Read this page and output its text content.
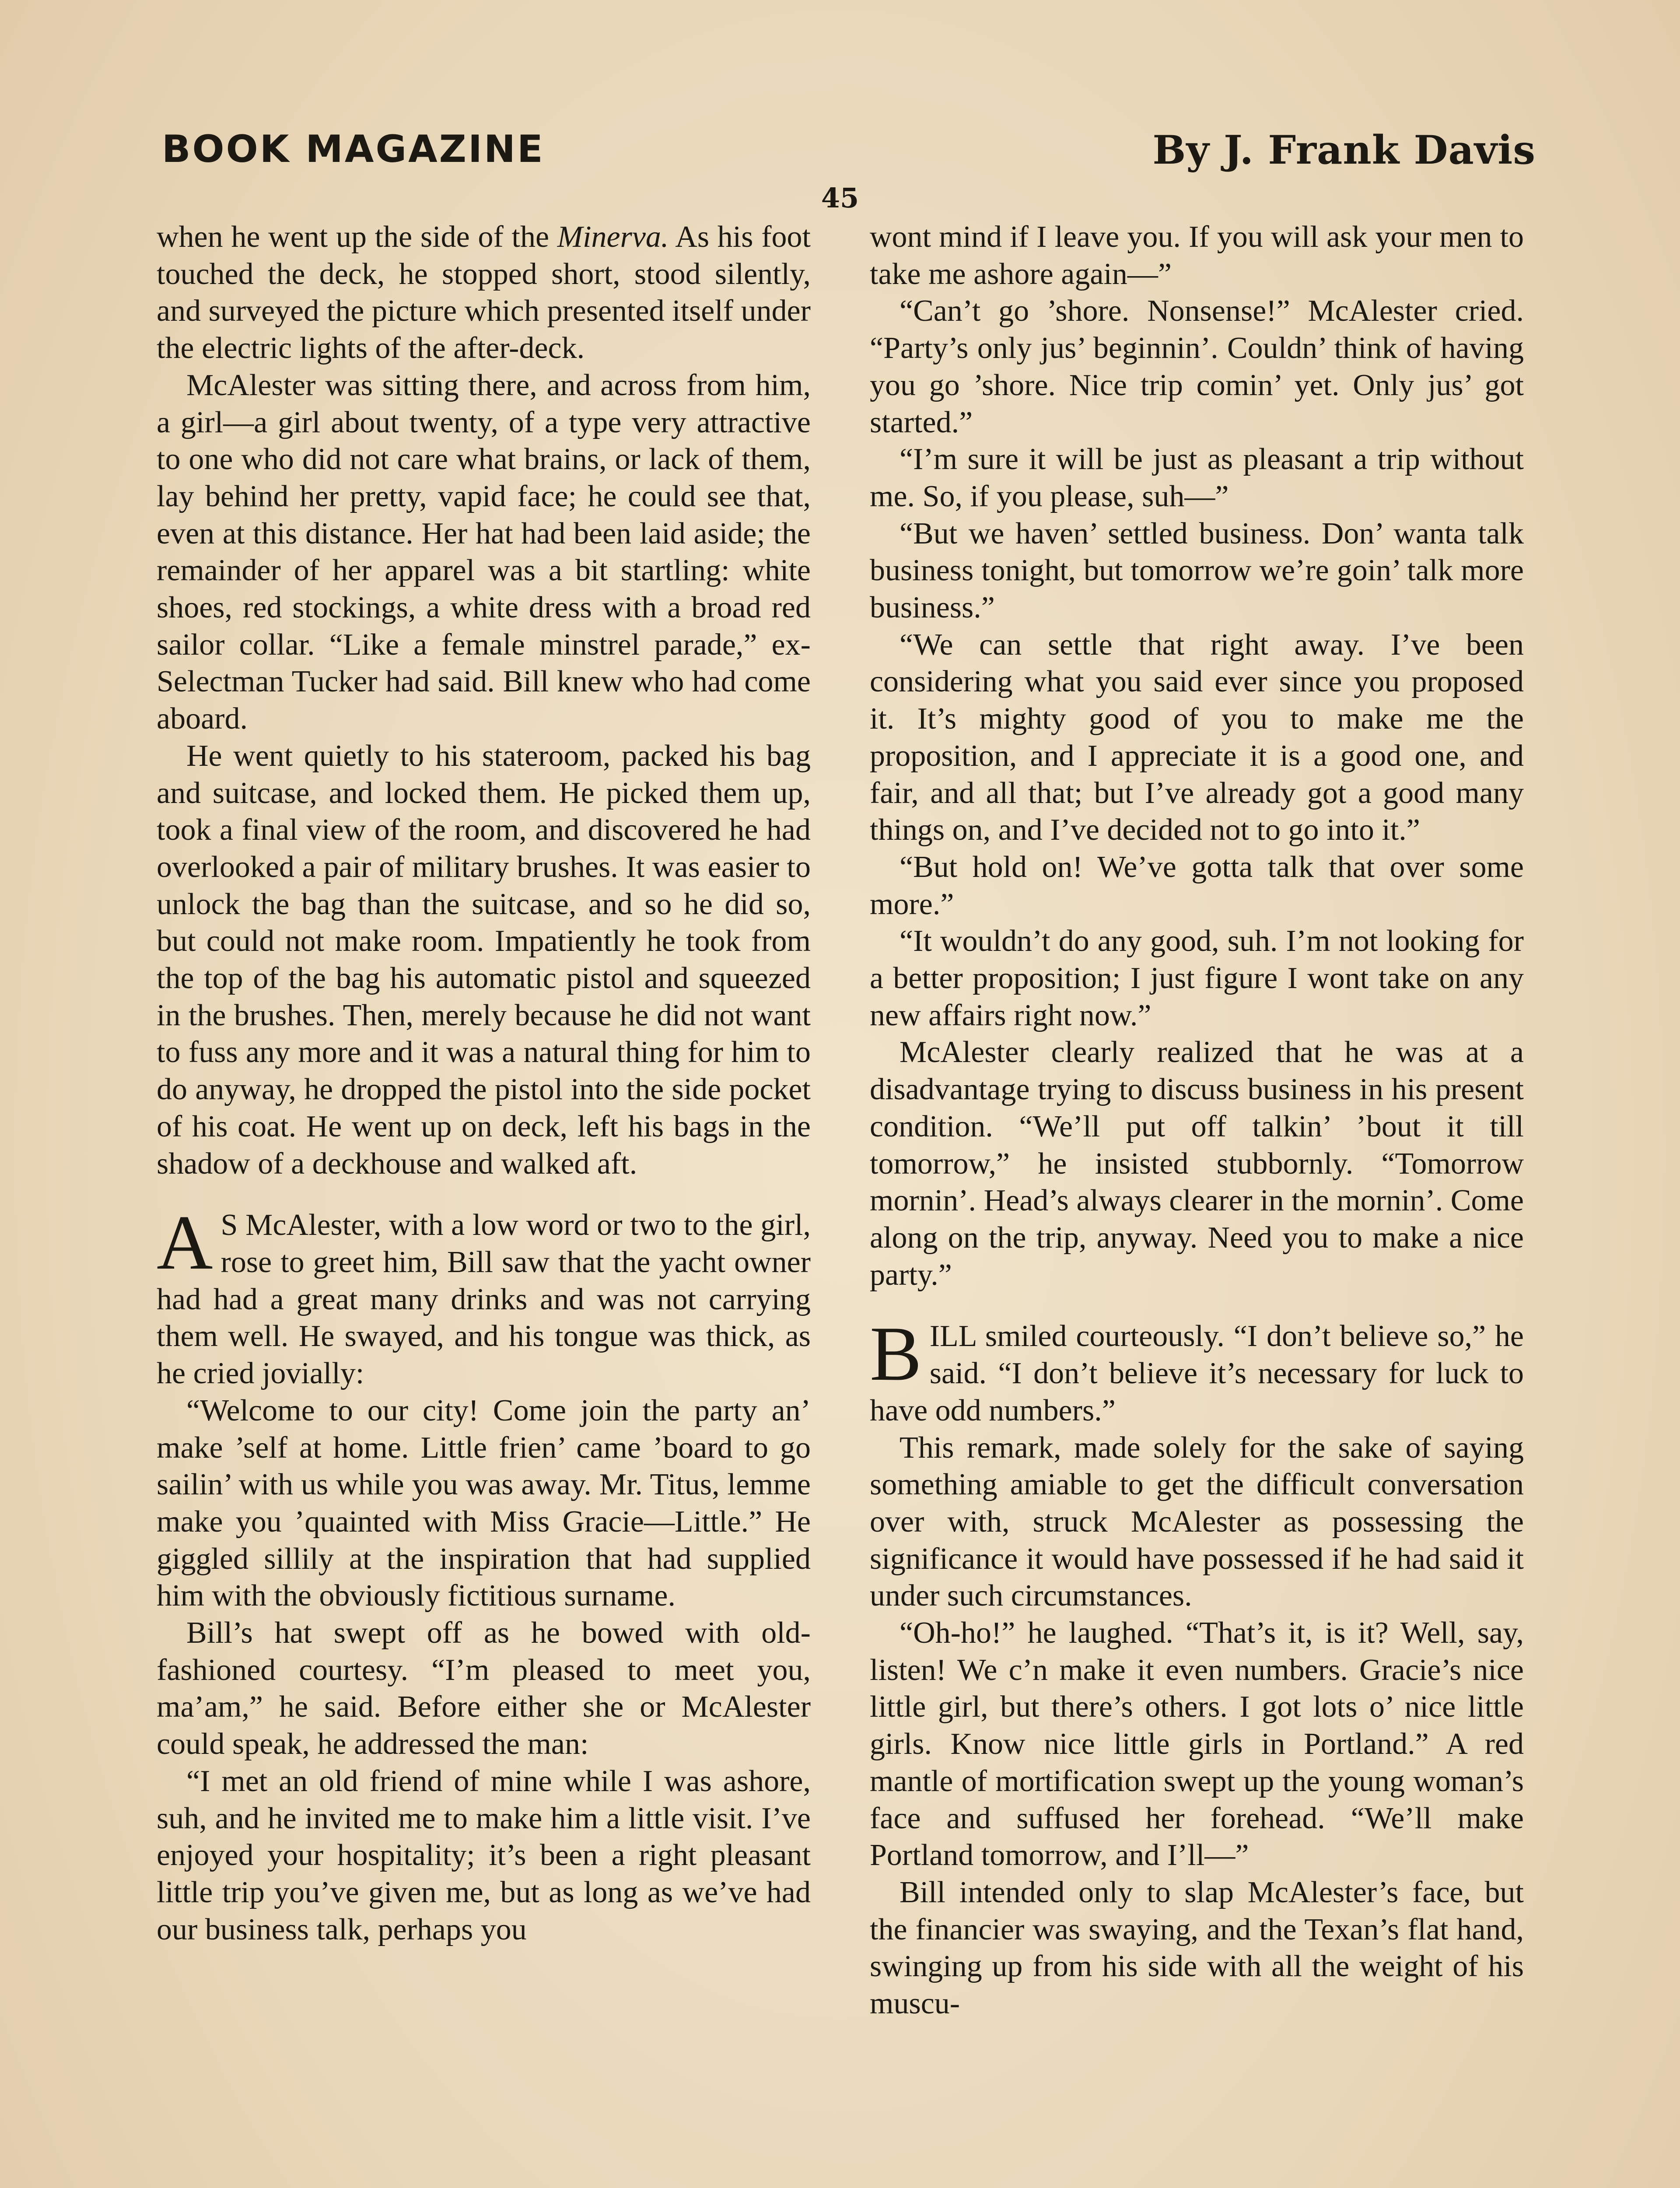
BOOK MAGAZINE	By J. Frank Davis
45

when he went up the side of the Minerva. As his foot touched the deck, he stopped short, stood silently, and surveyed the picture which presented itself under the electric lights of the after-deck.

McAlester was sitting there, and across from him, a girl—a girl about twenty, of a type very attractive to one who did not care what brains, or lack of them, lay behind her pretty, vapid face; he could see that, even at this distance. Her hat had been laid aside; the remainder of her apparel was a bit startling: white shoes, red stockings, a white dress with a broad red sailor collar. “Like a female minstrel parade,” ex-Selectman Tucker had said. Bill knew who had come aboard.

He went quietly to his stateroom, packed his bag and suitcase, and locked them. He picked them up, took a final view of the room, and discovered he had overlooked a pair of military brushes. It was easier to unlock the bag than the suitcase, and so he did so, but could not make room. Impatiently he took from the top of the bag his automatic pistol and squeezed in the brushes. Then, merely because he did not want to fuss any more and it was a natural thing for him to do anyway, he dropped the pistol into the side pocket of his coat. He went up on deck, left his bags in the shadow of a deckhouse and walked aft.

A S McAlester, with a low word or two to the girl, rose to greet him, Bill saw that the yacht owner had had a great many drinks and was not carrying them well. He swayed, and his tongue was thick, as he cried jovially:

“Welcome to our city! Come join the party an’ make ’self at home. Little frien’ came ’board to go sailin’ with us while you was away. Mr. Titus, lemme make you ’quainted with Miss Gracie—Little.” He giggled sillily at the inspiration that had supplied him with the obviously fictitious surname.

Bill’s hat swept off as he bowed with old-fashioned courtesy. “I’m pleased to meet you, ma’am,” he said. Before either she or McAlester could speak, he addressed the man:

“I met an old friend of mine while I was ashore, suh, and he invited me to make him a little visit. I’ve enjoyed your hospitality; it’s been a right pleasant little trip you’ve given me, but as long as we’ve had our business talk, perhaps you

wont mind if I leave you. If you will ask your men to take me ashore again—”

“Can’t go ’shore. Nonsense!” McAlester cried. “Party’s only jus’ beginnin’. Couldn’ think of having you go ’shore. Nice trip comin’ yet. Only jus’ got started.”

“I’m sure it will be just as pleasant a trip without me. So, if you please, suh—”

“But we haven’ settled business. Don’ wanta talk business tonight, but tomorrow we’re goin’ talk more business.”

“We can settle that right away. I’ve been considering what you said ever since you proposed it. It’s mighty good of you to make me the proposition, and I appreciate it is a good one, and fair, and all that; but I’ve already got a good many things on, and I’ve decided not to go into it.”

“But hold on! We’ve gotta talk that over some more.”

“It wouldn’t do any good, suh. I’m not looking for a better proposition; I just figure I wont take on any new affairs right now.”

McAlester clearly realized that he was at a disadvantage trying to discuss business in his present condition. “We’ll put off talkin’ ’bout it till tomorrow,” he insisted stubbornly. “Tomorrow mornin’. Head’s always clearer in the mornin’. Come along on the trip, anyway. Need you to make a nice party.”

BILL smiled courteously. “I don’t believe so,” he said. “I don’t believe it’s necessary for luck to have odd numbers.”

This remark, made solely for the sake of saying something amiable to get the difficult conversation over with, struck McAlester as possessing the significance it would have possessed if he had said it under such circumstances.

“Oh-ho!” he laughed. “That’s it, is it? Well, say, listen! We c’n make it even numbers. Gracie’s nice little girl, but there’s others. I got lots o’ nice little girls. Know nice little girls in Portland.” A red mantle of mortification swept up the young woman’s face and suffused her forehead. “We’ll make Portland tomorrow, and I’ll—”

Bill intended only to slap McAlester’s face, but the financier was swaying, and the Texan’s flat hand, swinging up from his side with all the weight of his muscu-
